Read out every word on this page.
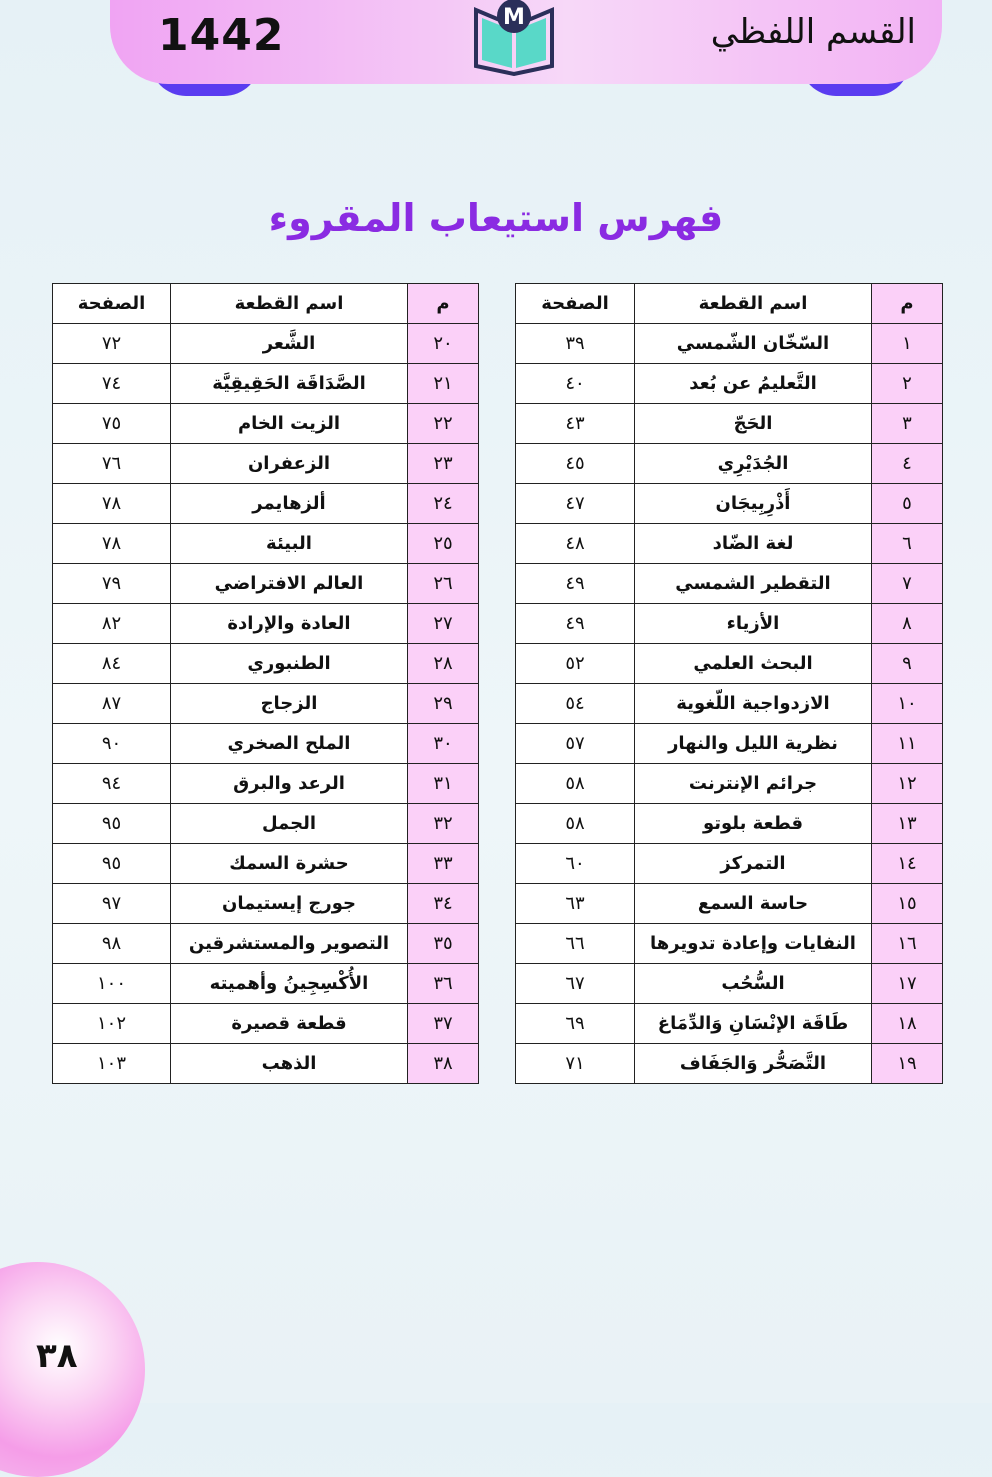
1442	M	القسم اللفظي
فهرس استيعاب المقروء
م	اسم القطعة	الصفحة
١	السّخّان الشّمسي	٣٩
٢	التَّعليمُ عن بُعد	٤٠
٣	الحَجّ	٤٣
٤	الجُدَيْرِي	٤٥
٥	أَذْرِبِيجَان	٤٧
٦	لغة الضّاد	٤٨
٧	التقطير الشمسي	٤٩
٨	الأزياء	٤٩
٩	البحث العلمي	٥٢
١٠	الازدواجية اللّغوية	٥٤
١١	نظرية الليل والنهار	٥٧
١٢	جرائم الإنترنت	٥٨
١٣	قطعة بلوتو	٥٨
١٤	التمركز	٦٠
١٥	حاسة السمع	٦٣
١٦	النفايات وإعادة تدويرها	٦٦
١٧	السُّحُب	٦٧
١٨	طَاقَة الإنْسَانِ وَالدِّمَاغ	٦٩
١٩	التَّصَحُّر وَالجَفَاف	٧١
م	اسم القطعة	الصفحة
٢٠	الشَّعر	٧٢
٢١	الصَّدَاقَة الحَقِيقِيَّة	٧٤
٢٢	الزيت الخام	٧٥
٢٣	الزعفران	٧٦
٢٤	ألزهايمر	٧٨
٢٥	البيئة	٧٨
٢٦	العالم الافتراضي	٧٩
٢٧	العادة والإرادة	٨٢
٢٨	الطنبوري	٨٤
٢٩	الزجاج	٨٧
٣٠	الملح الصخري	٩٠
٣١	الرعد والبرق	٩٤
٣٢	الجمل	٩٥
٣٣	حشرة السمك	٩٥
٣٤	جورج إيستيمان	٩٧
٣٥	التصوير والمستشرقين	٩٨
٣٦	الأُكْسِجِينُ وأهميته	١٠٠
٣٧	قطعة قصيرة	١٠٢
٣٨	الذهب	١٠٣
٣٨
